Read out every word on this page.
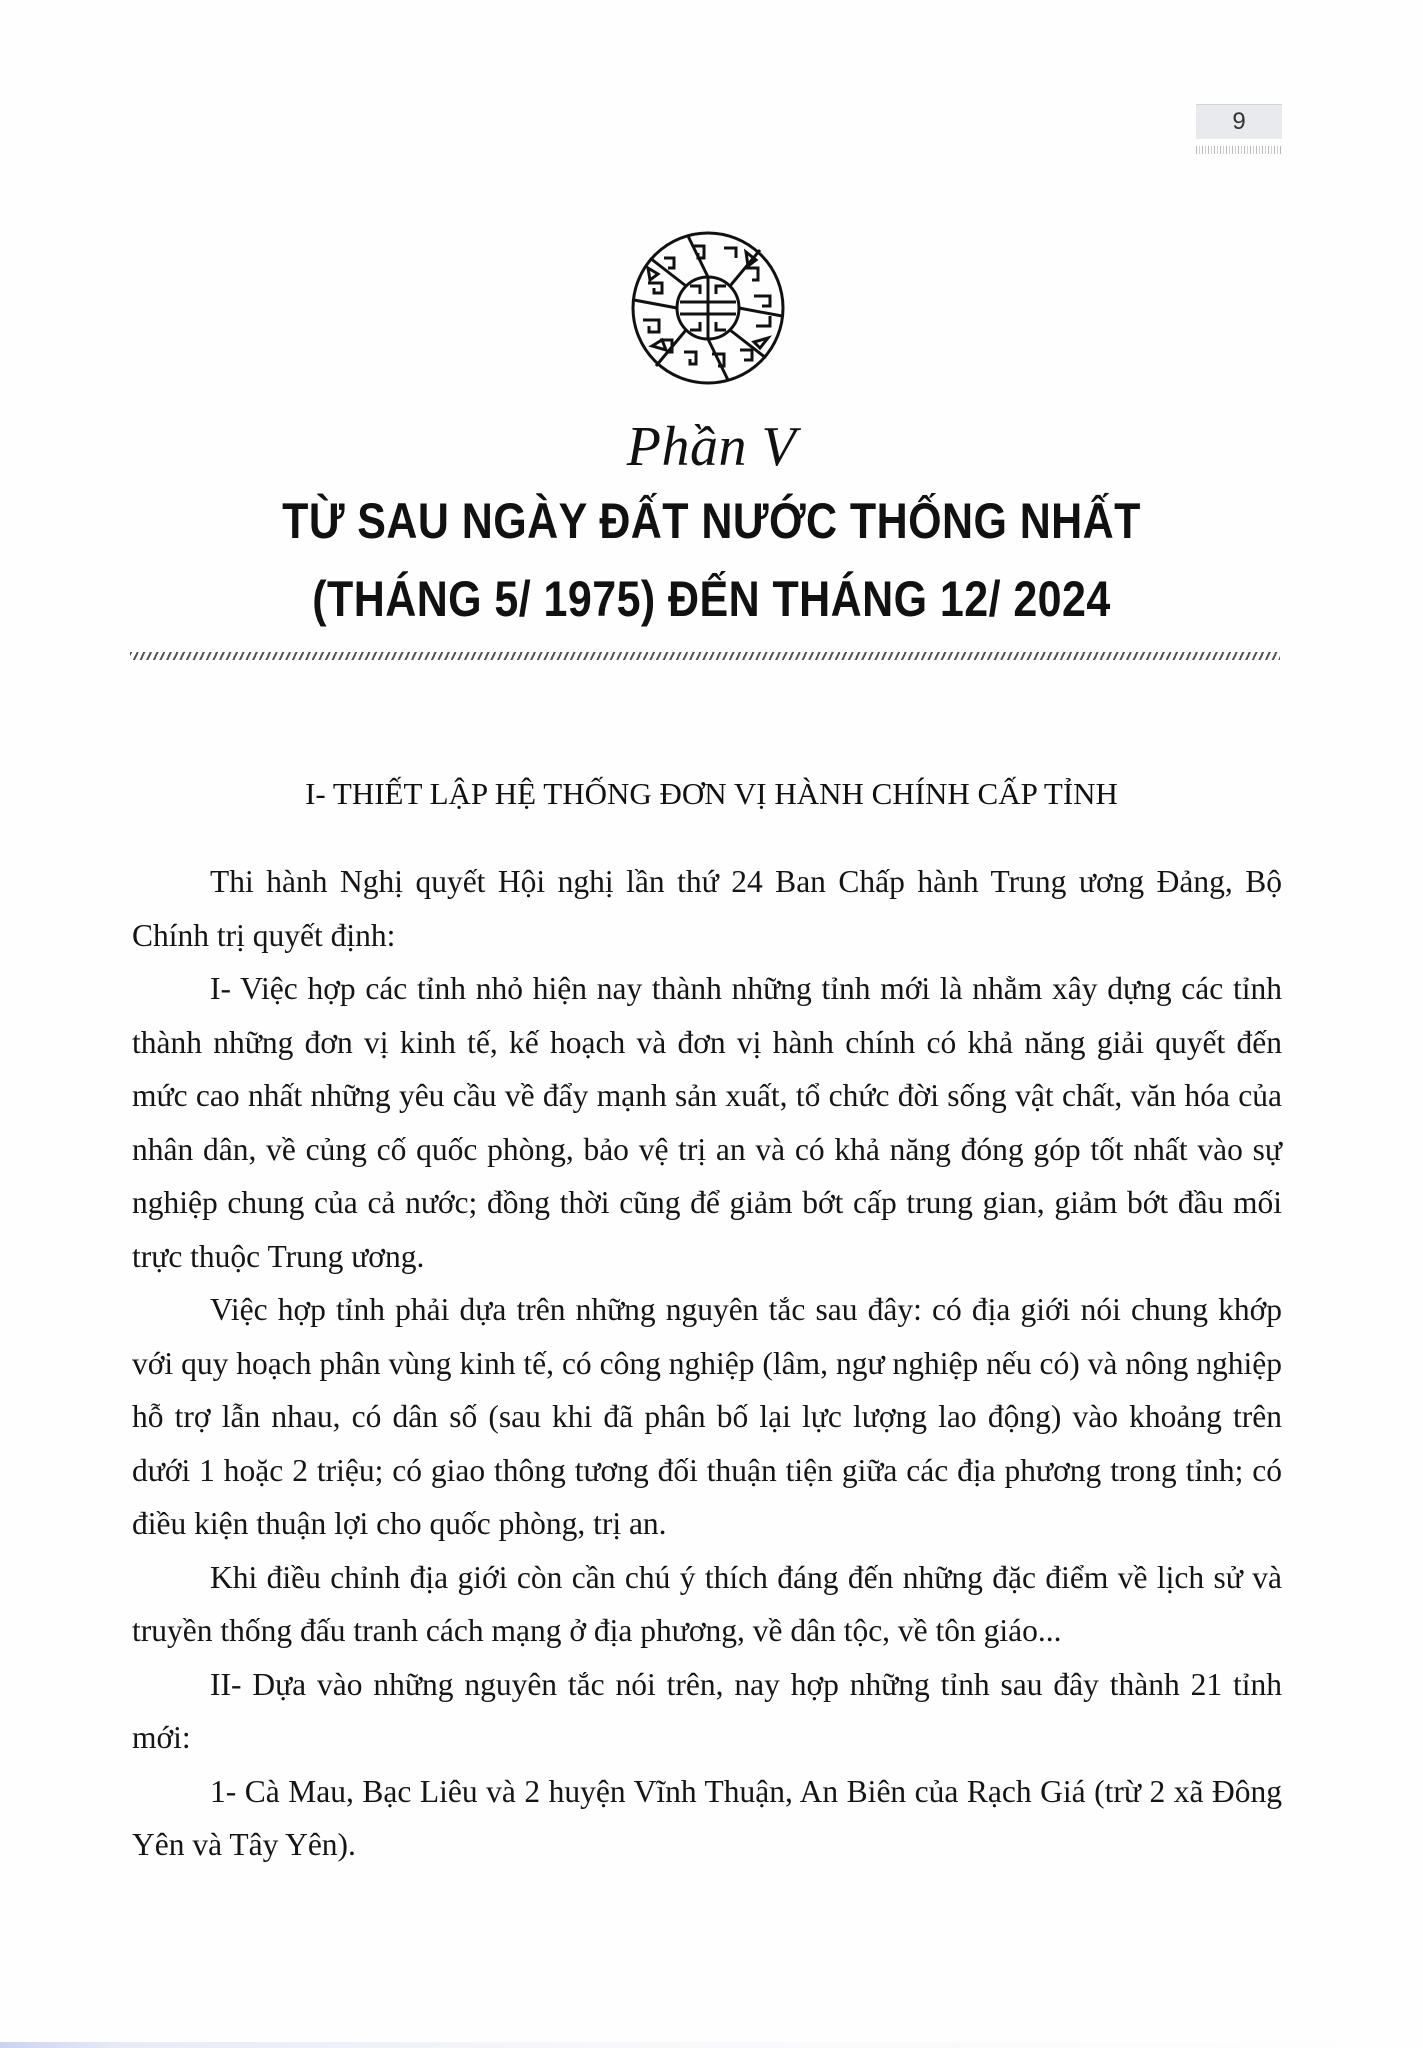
9
Phần V
TỪ SAU NGÀY ĐẤT NƯỚC THỐNG NHẤT
(THÁNG 5/ 1975) ĐẾN THÁNG 12/ 2024
I- THIẾT LẬP HỆ THỐNG ĐƠN VỊ HÀNH CHÍNH CẤP TỈNH

Thi hành Nghị quyết Hội nghị lần thứ 24 Ban Chấp hành Trung ương Đảng, Bộ Chính trị quyết định:

I- Việc hợp các tỉnh nhỏ hiện nay thành những tỉnh mới là nhằm xây dựng các tỉnh thành những đơn vị kinh tế, kế hoạch và đơn vị hành chính có khả năng giải quyết đến mức cao nhất những yêu cầu về đẩy mạnh sản xuất, tổ chức đời sống vật chất, văn hóa của nhân dân, về củng cố quốc phòng, bảo vệ trị an và có khả năng đóng góp tốt nhất vào sự nghiệp chung của cả nước; đồng thời cũng để giảm bớt cấp trung gian, giảm bớt đầu mối trực thuộc Trung ương.

Việc hợp tỉnh phải dựa trên những nguyên tắc sau đây: có địa giới nói chung khớp với quy hoạch phân vùng kinh tế, có công nghiệp (lâm, ngư nghiệp nếu có) và nông nghiệp hỗ trợ lẫn nhau, có dân số (sau khi đã phân bố lại lực lượng lao động) vào khoảng trên dưới 1 hoặc 2 triệu; có giao thông tương đối thuận tiện giữa các địa phương trong tỉnh; có điều kiện thuận lợi cho quốc phòng, trị an.

Khi điều chỉnh địa giới còn cần chú ý thích đáng đến những đặc điểm về lịch sử và truyền thống đấu tranh cách mạng ở địa phương, về dân tộc, về tôn giáo...

II- Dựa vào những nguyên tắc nói trên, nay hợp những tỉnh sau đây thành 21 tỉnh mới:

1- Cà Mau, Bạc Liêu và 2 huyện Vĩnh Thuận, An Biên của Rạch Giá (trừ 2 xã Đông Yên và Tây Yên).
